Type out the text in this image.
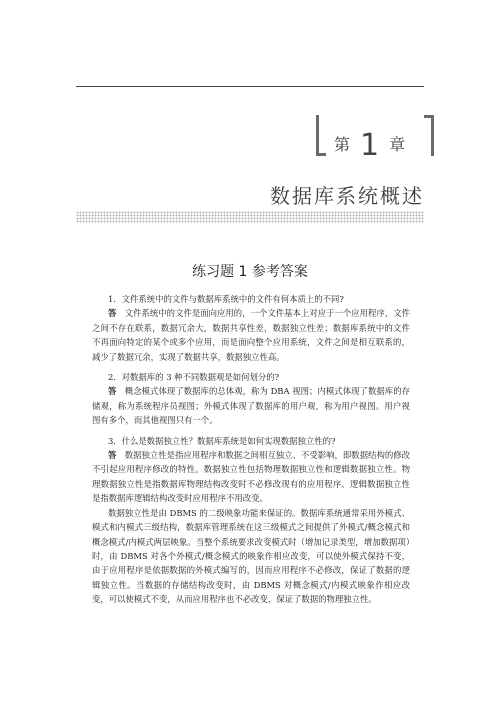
第 1 章
数据库系统概述
练习题 1 参考答案

1．文件系统中的文件与数据库系统中的文件有何本质上的不同?

答　 文件系统中的文件是面向应用的，一个文件基本上对应于一个应用程序，文件之间不存在联系，数据冗余大，数据共享性差，数据独立性差；数据库系统中的文件不再面向特定的某个或多个应用，而是面向整个应用系统，文件之间是相互联系的，减少了数据冗余，实现了数据共享，数据独立性高。

2．对数据库的 3 种不同数据观是如何划分的?

答　 概念模式体现了数据库的总体观，称为 DBA 视图；内模式体现了数据库的存储观，称为系统程序员视图；外模式体现了数据库的用户观，称为用户视图。用户视图有多个，而其他视图只有一个。

3．什么是数据独立性？数据库系统是如何实现数据独立性的?

答　 数据独立性是指应用程序和数据之间相互独立、不受影响，即数据结构的修改不引起应用程序修改的特性。数据独立性包括物理数据独立性和逻辑数据独立性。物理数据独立性是指数据库物理结构改变时不必修改现有的应用程序。逻辑数据独立性是指数据库逻辑结构改变时应用程序不用改变。

数据独立性是由 DBMS 的二级映象功能来保证的。数据库系统通常采用外模式、模式和内模式三级结构，数据库管理系统在这三级模式之间提供了外模式/概念模式和概念模式/内模式两层映象。当整个系统要求改变模式时（增加记录类型，增加数据项）时，由 DBMS 对各个外模式/概念模式的映象作相应改变，可以使外模式保持不变，由于应用程序是依据数据的外模式编写的，因而应用程序不必修改，保证了数据的逻辑独立性。当数据的存储结构改变时，由 DBMS 对概念模式/内模式映象作相应改变，可以使模式不变，从而应用程序也不必改变，保证了数据的物理独立性。
